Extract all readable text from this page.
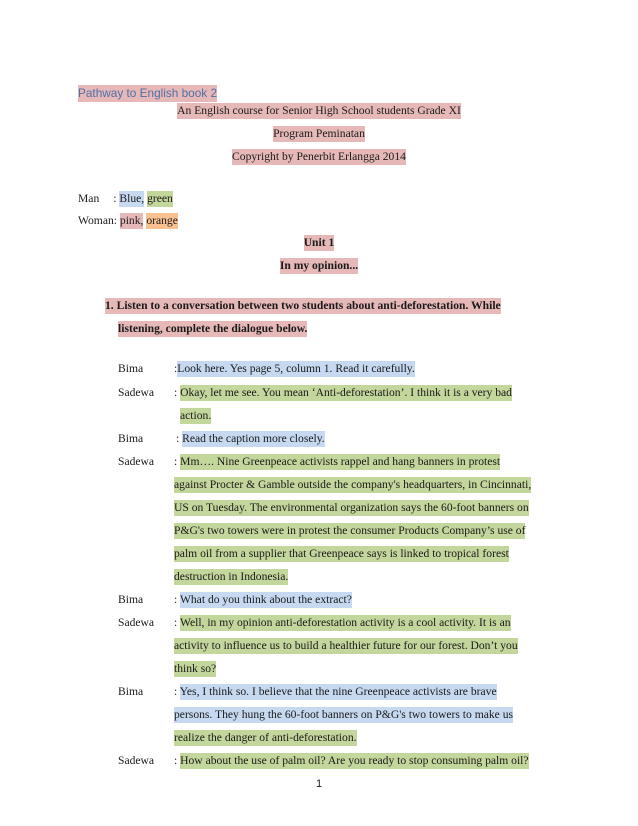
Pathway to English book 2
An English course for Senior High School students Grade XI
Program Peminatan
Copyright by Penerbit Erlangga 2014
Man : Blue, green
Woman: pink, orange
Unit 1
In my opinion...
1. Listen to a conversation between two students about anti-deforestation. While
listening, complete the dialogue below.
Bima	:Look here. Yes page 5, column 1. Read it carefully.
Sadewa : Okay, let me see. You mean ‘Anti-deforestation’. I think it is a very bad
action.
Bima	: Read the caption more closely.
Sadewa : Mm…. Nine Greenpeace activists rappel and hang banners in protest
against Procter & Gamble outside the company's headquarters, in Cincinnati,
US on Tuesday. The environmental organization says the 60-foot banners on
P&G's two towers were in protest the consumer Products Company’s use of
palm oil from a supplier that Greenpeace says is linked to tropical forest
destruction in Indonesia.
Bima	: What do you think about the extract?
Sadewa : Well, in my opinion anti-deforestation activity is a cool activity. It is an
activity to influence us to build a healthier future for our forest. Don’t you
think so?
Bima	: Yes, I think so. I believe that the nine Greenpeace activists are brave
persons. They hung the 60-foot banners on P&G's two towers to make us
realize the danger of anti-deforestation.
Sadewa : How about the use of palm oil? Are you ready to stop consuming palm oil?
1
